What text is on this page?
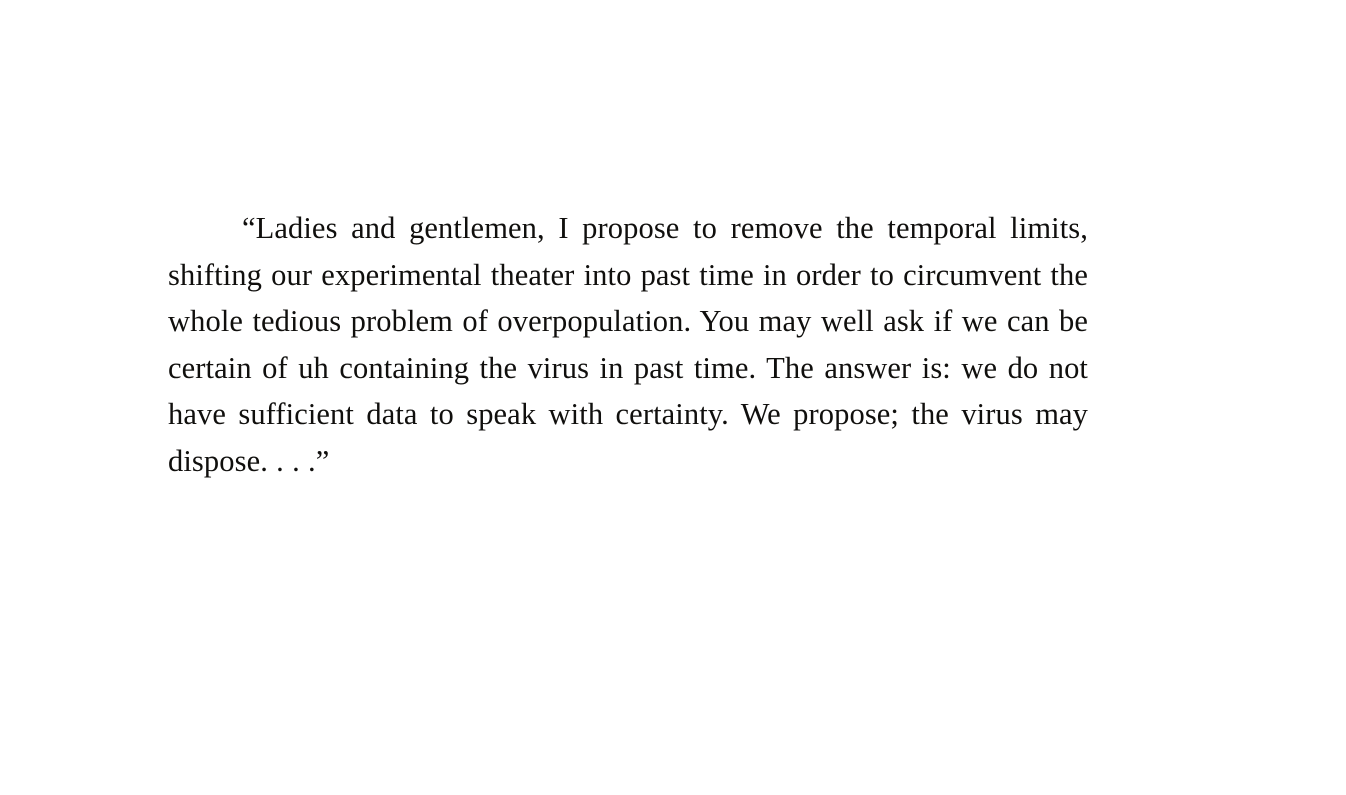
“Ladies and gentlemen, I propose to remove the temporal limits, shifting our experimental theater into past time in order to circumvent the whole tedious problem of overpopulation. You may well ask if we can be certain of uh containing the virus in past time. The answer is: we do not have sufficient data to speak with certainty. We propose; the virus may dispose. . . .”
